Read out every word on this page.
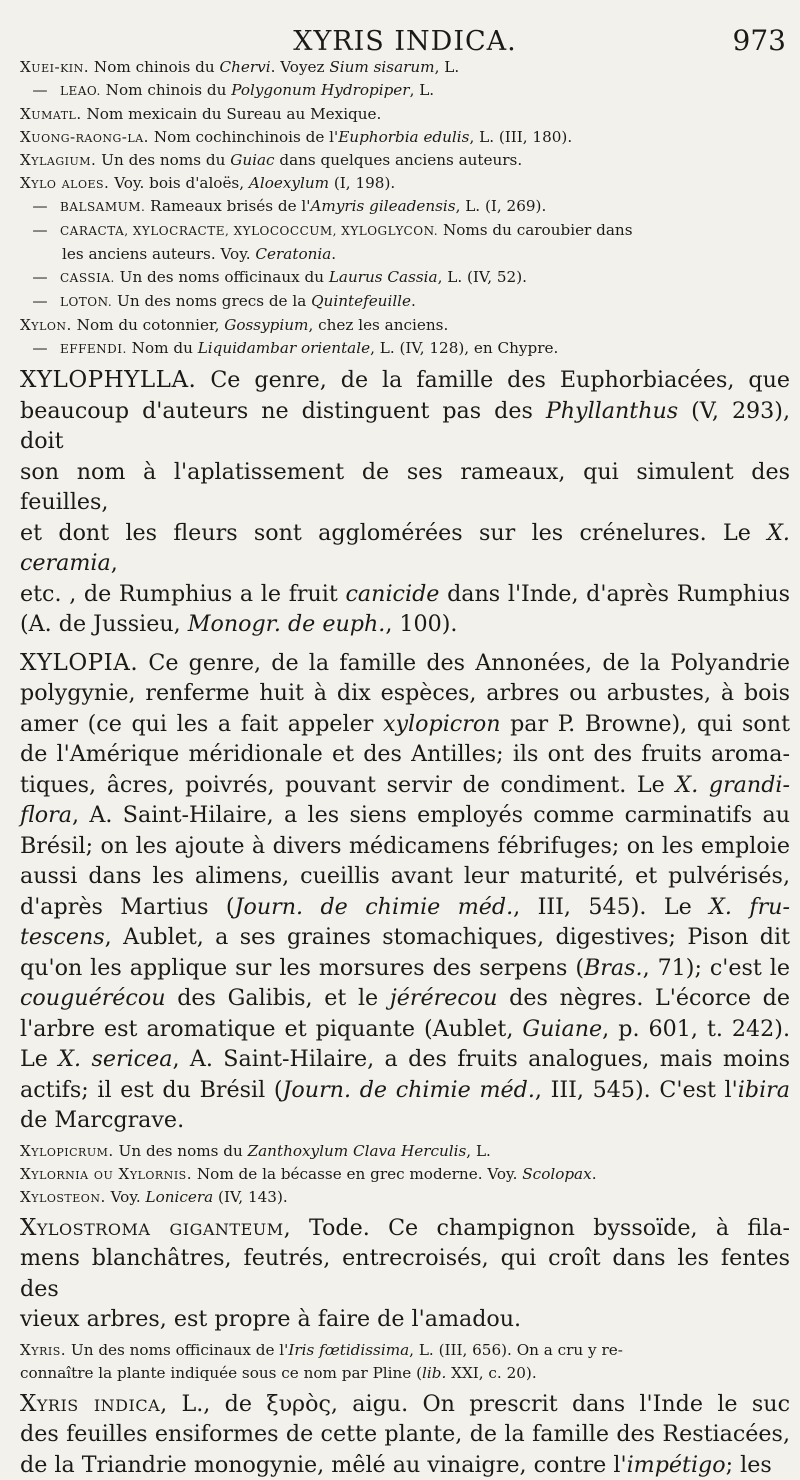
XYRIS INDICA.	973

Xuei-kin. Nom chinois du Chervi. Voyez Sium sisarum, L.

— LEAO. Nom chinois du Polygonum Hydropiper, L.

Xumatl. Nom mexicain du Sureau au Mexique.

Xuong-raong-la. Nom cochinchinois de l'Euphorbia edulis, L. (III, 180).

Xylagium. Un des noms du Guiac dans quelques anciens auteurs.

Xylo aloes. Voy. bois d'aloës, Aloexylum (I, 198).

— BALSAMUM. Rameaux brisés de l'Amyris gileadensis, L. (I, 269).

— CARACTA, XYLOCRACTE, XYLOCOCCUM, XYLOGLYCON. Noms du caroubier dans

les anciens auteurs. Voy. Ceratonia.

— CASSIA. Un des noms officinaux du Laurus Cassia, L. (IV, 52).

— LOTON. Un des noms grecs de la Quintefeuille.

Xylon. Nom du cotonnier, Gossypium, chez les anciens.

— EFFENDI. Nom du Liquidambar orientale, L. (IV, 128), en Chypre.

XYLOPHYLLA. Ce genre, de la famille des Euphorbiacées, que

beaucoup d'auteurs ne distinguent pas des Phyllanthus (V, 293), doit

son nom à l'aplatissement de ses rameaux, qui simulent des feuilles,

et dont les fleurs sont agglomérées sur les crénelures. Le X. ceramia,

etc. , de Rumphius a le fruit canicide dans l'Inde, d'après Rumphius

(A. de Jussieu, Monogr. de euph., 100).

XYLOPIA. Ce genre, de la famille des Annonées, de la Polyandrie

polygynie, renferme huit à dix espèces, arbres ou arbustes, à bois

amer (ce qui les a fait appeler xylopicron par P. Browne), qui sont

de l'Amérique méridionale et des Antilles; ils ont des fruits aroma-

tiques, âcres, poivrés, pouvant servir de condiment. Le X. grandi-

flora, A. Saint-Hilaire, a les siens employés comme carminatifs au

Brésil; on les ajoute à divers médicamens fébrifuges; on les emploie

aussi dans les alimens, cueillis avant leur maturité, et pulvérisés,

d'après Martius (Journ. de chimie méd., III, 545). Le X. fru-

tescens, Aublet, a ses graines stomachiques, digestives; Pison dit

qu'on les applique sur les morsures des serpens (Bras., 71); c'est le

couguérécou des Galibis, et le jérérecou des nègres. L'écorce de

l'arbre est aromatique et piquante (Aublet, Guiane, p. 601, t. 242).

Le X. sericea, A. Saint-Hilaire, a des fruits analogues, mais moins

actifs; il est du Brésil (Journ. de chimie méd., III, 545). C'est l'ibira

de Marcgrave.

Xylopicrum. Un des noms du Zanthoxylum Clava Herculis, L.

Xylornia ou Xylornis. Nom de la bécasse en grec moderne. Voy. Scolopax.

Xylosteon. Voy. Lonicera (IV, 143).

Xylostroma giganteum, Tode. Ce champignon byssoïde, à fila-

mens blanchâtres, feutrés, entrecroisés, qui croît dans les fentes des

vieux arbres, est propre à faire de l'amadou.

Xyris. Un des noms officinaux de l'Iris fœtidissima, L. (III, 656). On a cru y re-

connaître la plante indiquée sous ce nom par Pline (lib. XXI, c. 20).

Xyris indica, L., de ξυρὸς, aigu. On prescrit dans l'Inde le suc

des feuilles ensiformes de cette plante, de la famille des Restiacées,

de la Triandrie monogynie, mêlé au vinaigre, contre l'impétigo; les
